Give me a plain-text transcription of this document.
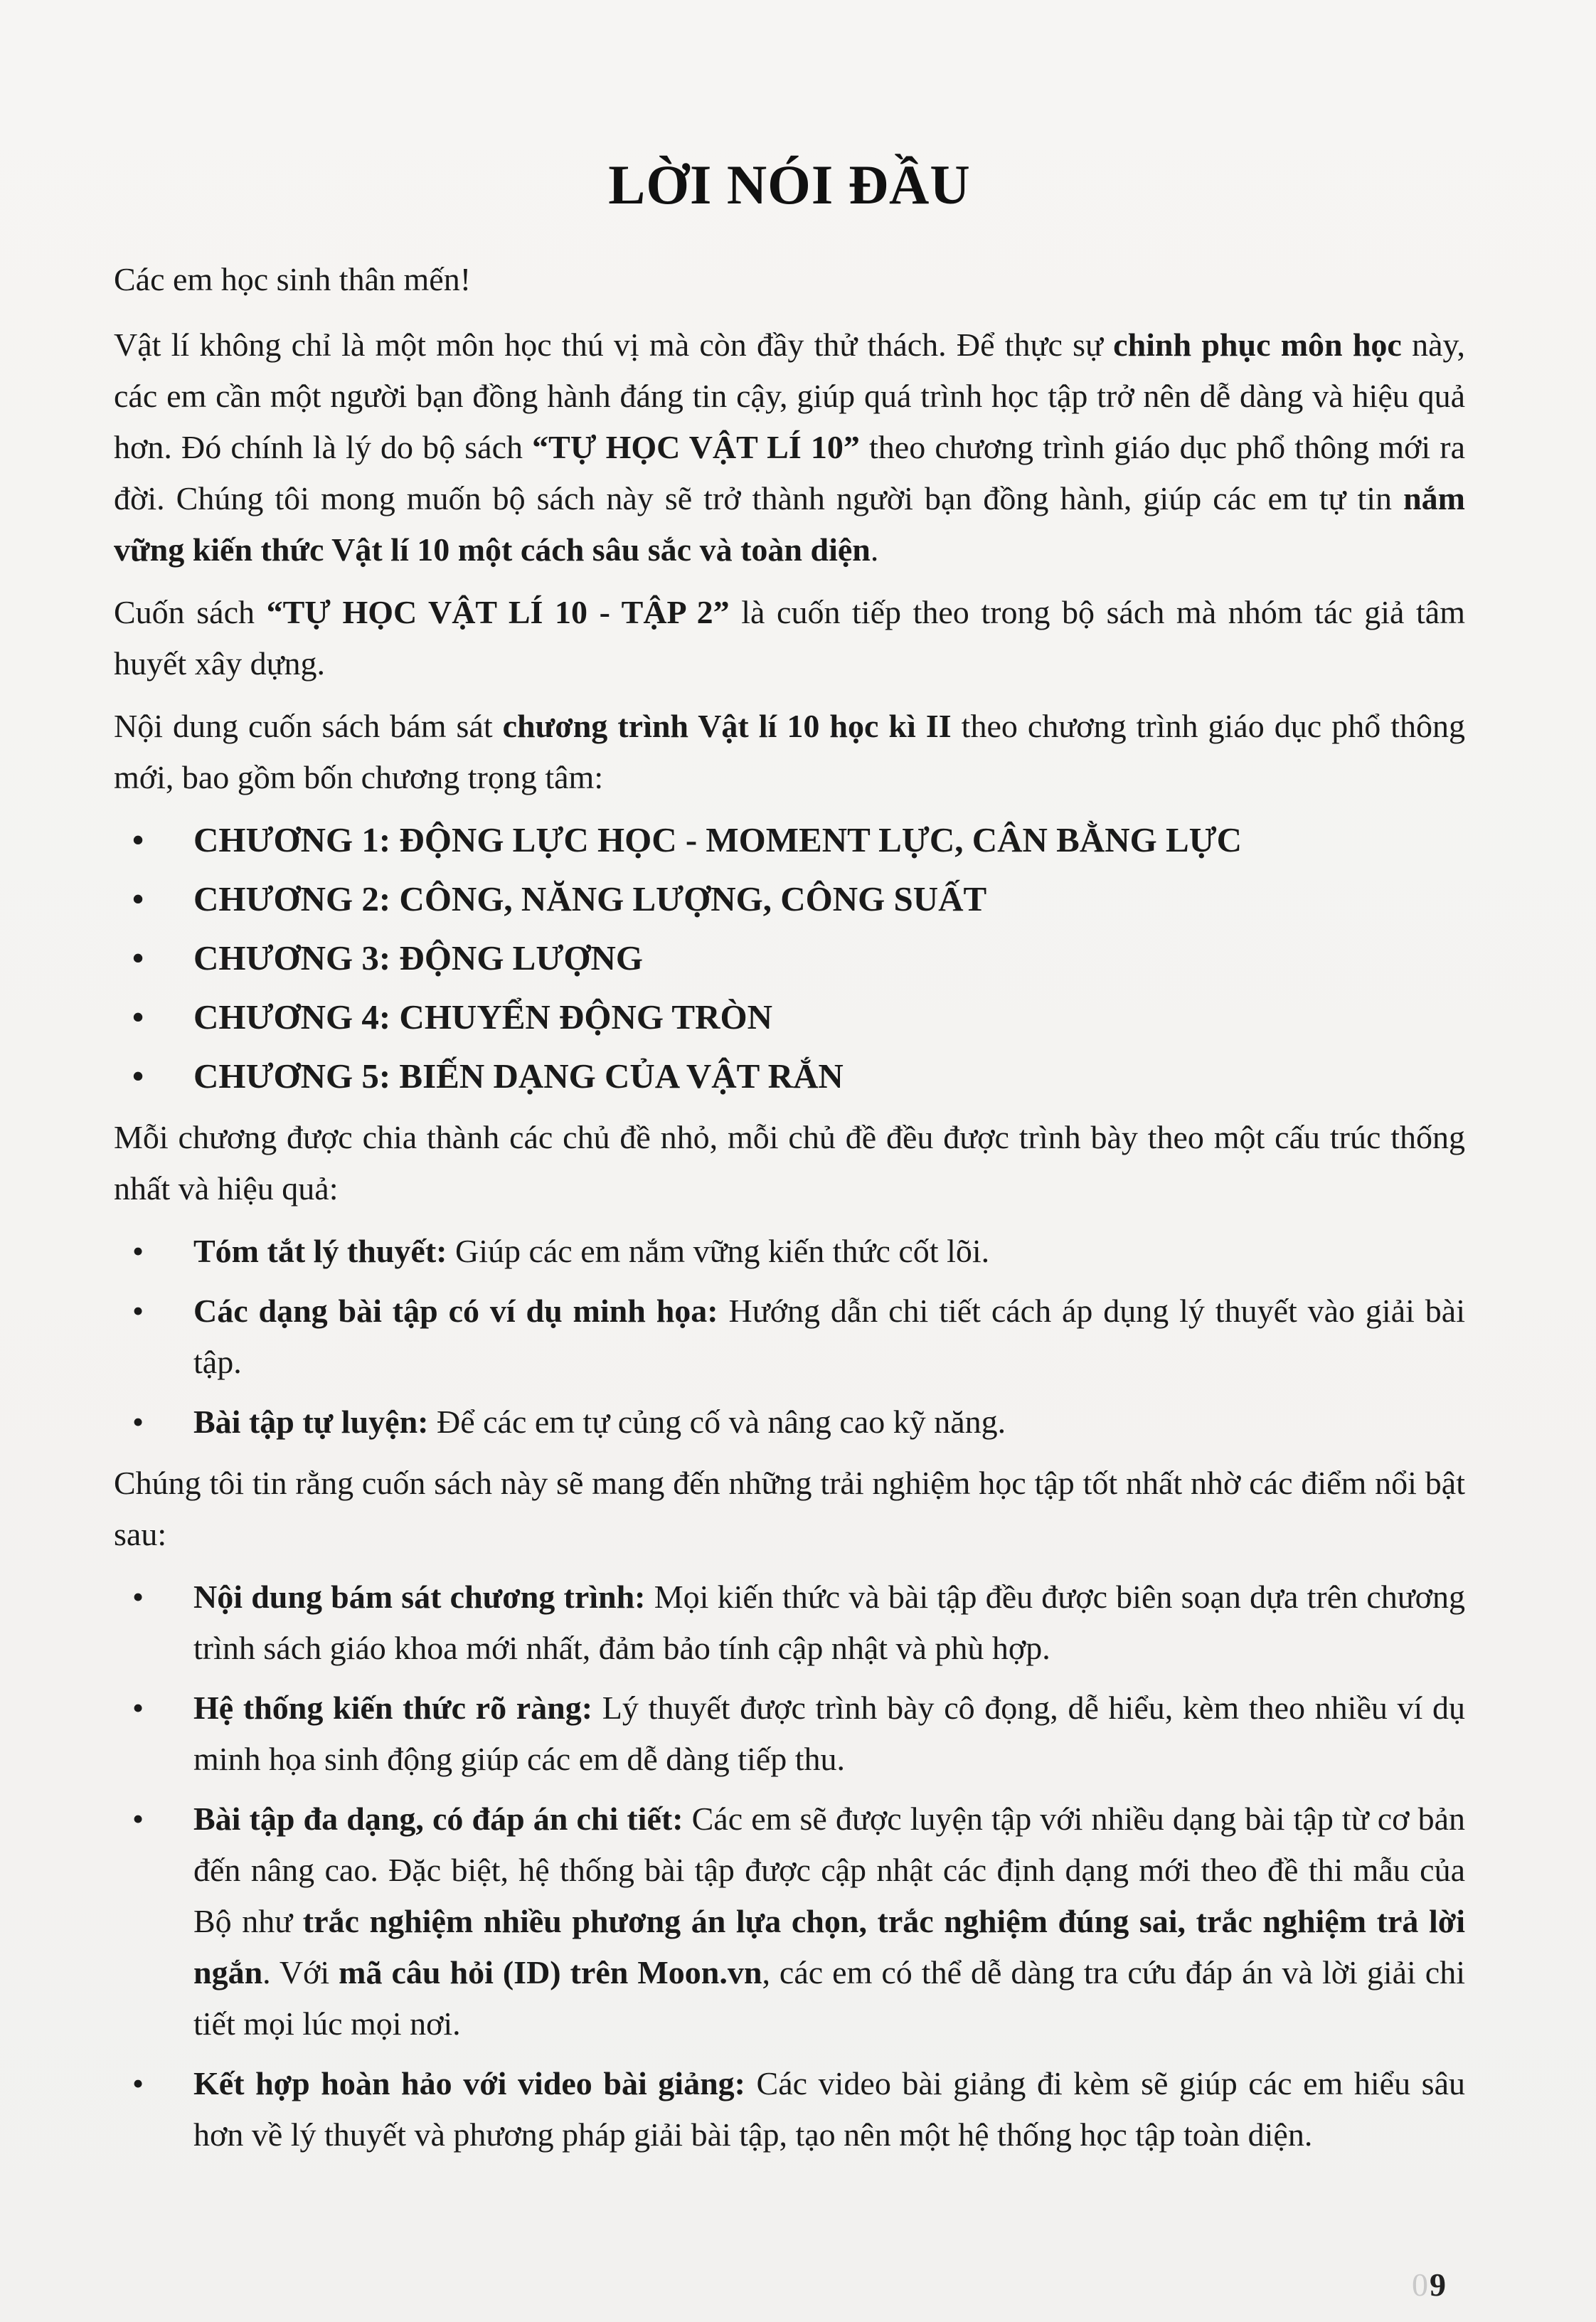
LỜI NÓI ĐẦU

Các em học sinh thân mến!

Vật lí không chỉ là một môn học thú vị mà còn đầy thử thách. Để thực sự chinh phục môn học này, các em cần một người bạn đồng hành đáng tin cậy, giúp quá trình học tập trở nên dễ dàng và hiệu quả hơn. Đó chính là lý do bộ sách “TỰ HỌC VẬT LÍ 10” theo chương trình giáo dục phổ thông mới ra đời. Chúng tôi mong muốn bộ sách này sẽ trở thành người bạn đồng hành, giúp các em tự tin nắm vững kiến thức Vật lí 10 một cách sâu sắc và toàn diện.

Cuốn sách “TỰ HỌC VẬT LÍ 10 - TẬP 2” là cuốn tiếp theo trong bộ sách mà nhóm tác giả tâm huyết xây dựng.

Nội dung cuốn sách bám sát chương trình Vật lí 10 học kì II theo chương trình giáo dục phổ thông mới, bao gồm bốn chương trọng tâm:

• CHƯƠNG 1: ĐỘNG LỰC HỌC - MOMENT LỰC, CÂN BẰNG LỰC
• CHƯƠNG 2: CÔNG, NĂNG LƯỢNG, CÔNG SUẤT
• CHƯƠNG 3: ĐỘNG LƯỢNG
• CHƯƠNG 4: CHUYỂN ĐỘNG TRÒN
• CHƯƠNG 5: BIẾN DẠNG CỦA VẬT RẮN

Mỗi chương được chia thành các chủ đề nhỏ, mỗi chủ đề đều được trình bày theo một cấu trúc thống nhất và hiệu quả:

• Tóm tắt lý thuyết: Giúp các em nắm vững kiến thức cốt lõi.
• Các dạng bài tập có ví dụ minh họa: Hướng dẫn chi tiết cách áp dụng lý thuyết vào giải bài tập.
• Bài tập tự luyện: Để các em tự củng cố và nâng cao kỹ năng.

Chúng tôi tin rằng cuốn sách này sẽ mang đến những trải nghiệm học tập tốt nhất nhờ các điểm nổi bật sau:

• Nội dung bám sát chương trình: Mọi kiến thức và bài tập đều được biên soạn dựa trên chương trình sách giáo khoa mới nhất, đảm bảo tính cập nhật và phù hợp.
• Hệ thống kiến thức rõ ràng: Lý thuyết được trình bày cô đọng, dễ hiểu, kèm theo nhiều ví dụ minh họa sinh động giúp các em dễ dàng tiếp thu.
• Bài tập đa dạng, có đáp án chi tiết: Các em sẽ được luyện tập với nhiều dạng bài tập từ cơ bản đến nâng cao. Đặc biệt, hệ thống bài tập được cập nhật các định dạng mới theo đề thi mẫu của Bộ như trắc nghiệm nhiều phương án lựa chọn, trắc nghiệm đúng sai, trắc nghiệm trả lời ngắn. Với mã câu hỏi (ID) trên Moon.vn, các em có thể dễ dàng tra cứu đáp án và lời giải chi tiết mọi lúc mọi nơi.
• Kết hợp hoàn hảo với video bài giảng: Các video bài giảng đi kèm sẽ giúp các em hiểu sâu hơn về lý thuyết và phương pháp giải bài tập, tạo nên một hệ thống học tập toàn diện.
09
